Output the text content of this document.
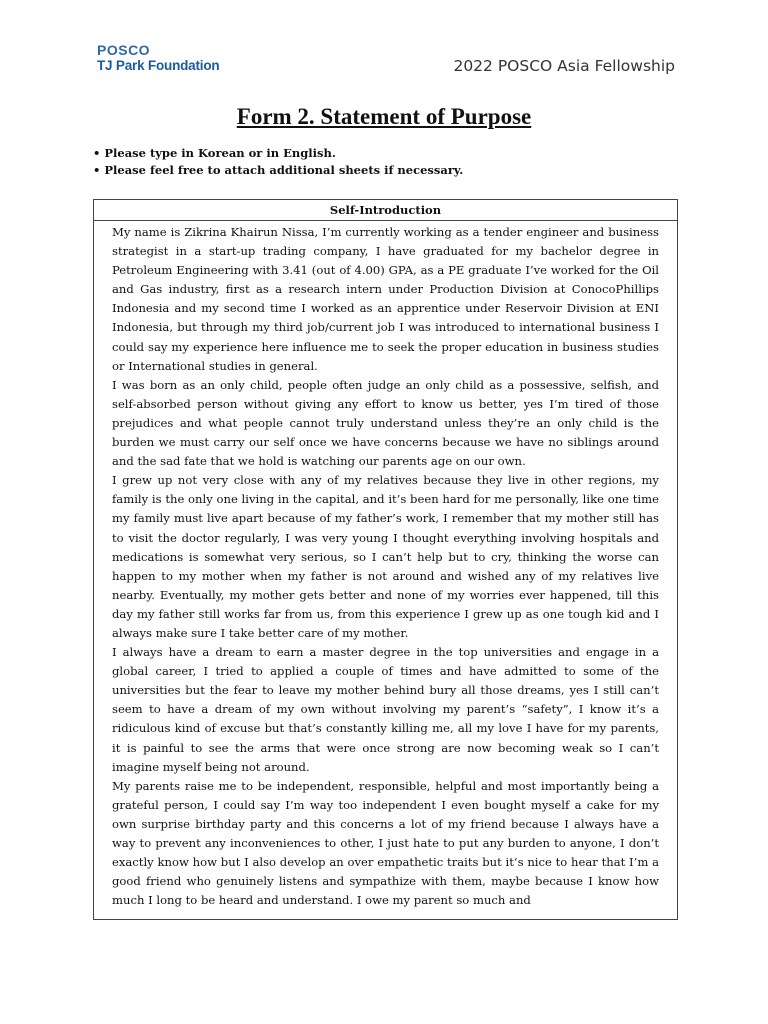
POSCO
TJ Park Foundation	2022 POSCO Asia Fellowship
Form 2. Statement of Purpose
• Please type in Korean or in English.
• Please feel free to attach additional sheets if necessary.
Self-Introduction

My name is Zikrina Khairun Nissa, I’m currently working as a tender engineer and business strategist in a start-up trading company, I have graduated for my bachelor degree in Petroleum Engineering with 3.41 (out of 4.00) GPA, as a PE graduate I’ve worked for the Oil and Gas industry, first as a research intern under Production Division at ConocoPhillips Indonesia and my second time I worked as an apprentice under Reservoir Division at ENI Indonesia, but through my third job/current job I was introduced to international business I could say my experience here influence me to seek the proper education in business studies or International studies in general.

I was born as an only child, people often judge an only child as a possessive, selfish, and self-absorbed person without giving any effort to know us better, yes I’m tired of those prejudices and what people cannot truly understand unless they’re an only child is the burden we must carry our self once we have concerns because we have no siblings around and the sad fate that we hold is watching our parents age on our own.

I grew up not very close with any of my relatives because they live in other regions, my family is the only one living in the capital, and it’s been hard for me personally, like one time my family must live apart because of my father’s work, I remember that my mother still has to visit the doctor regularly, I was very young I thought everything involving hospitals and medications is somewhat very serious, so I can’t help but to cry, thinking the worse can happen to my mother when my father is not around and wished any of my relatives live nearby. Eventually, my mother gets better and none of my worries ever happened, till this day my father still works far from us, from this experience I grew up as one tough kid and I always make sure I take better care of my mother.

I always have a dream to earn a master degree in the top universities and engage in a global career, I tried to applied a couple of times and have admitted to some of the universities but the fear to leave my mother behind bury all those dreams, yes I still can’t seem to have a dream of my own without involving my parent’s “safety”, I know it’s a ridiculous kind of excuse but that’s constantly killing me, all my love I have for my parents, it is painful to see the arms that were once strong are now becoming weak so I can’t imagine myself being not around.

My parents raise me to be independent, responsible, helpful and most importantly being a grateful person, I could say I’m way too independent I even bought myself a cake for my own surprise birthday party and this concerns a lot of my friend because I always have a way to prevent any inconveniences to other, I just hate to put any burden to anyone, I don’t exactly know how but I also develop an over empathetic traits but it’s nice to hear that I’m a good friend who genuinely listens and sympathize with them, maybe because I know how much I long to be heard and understand. I owe my parent so much and
